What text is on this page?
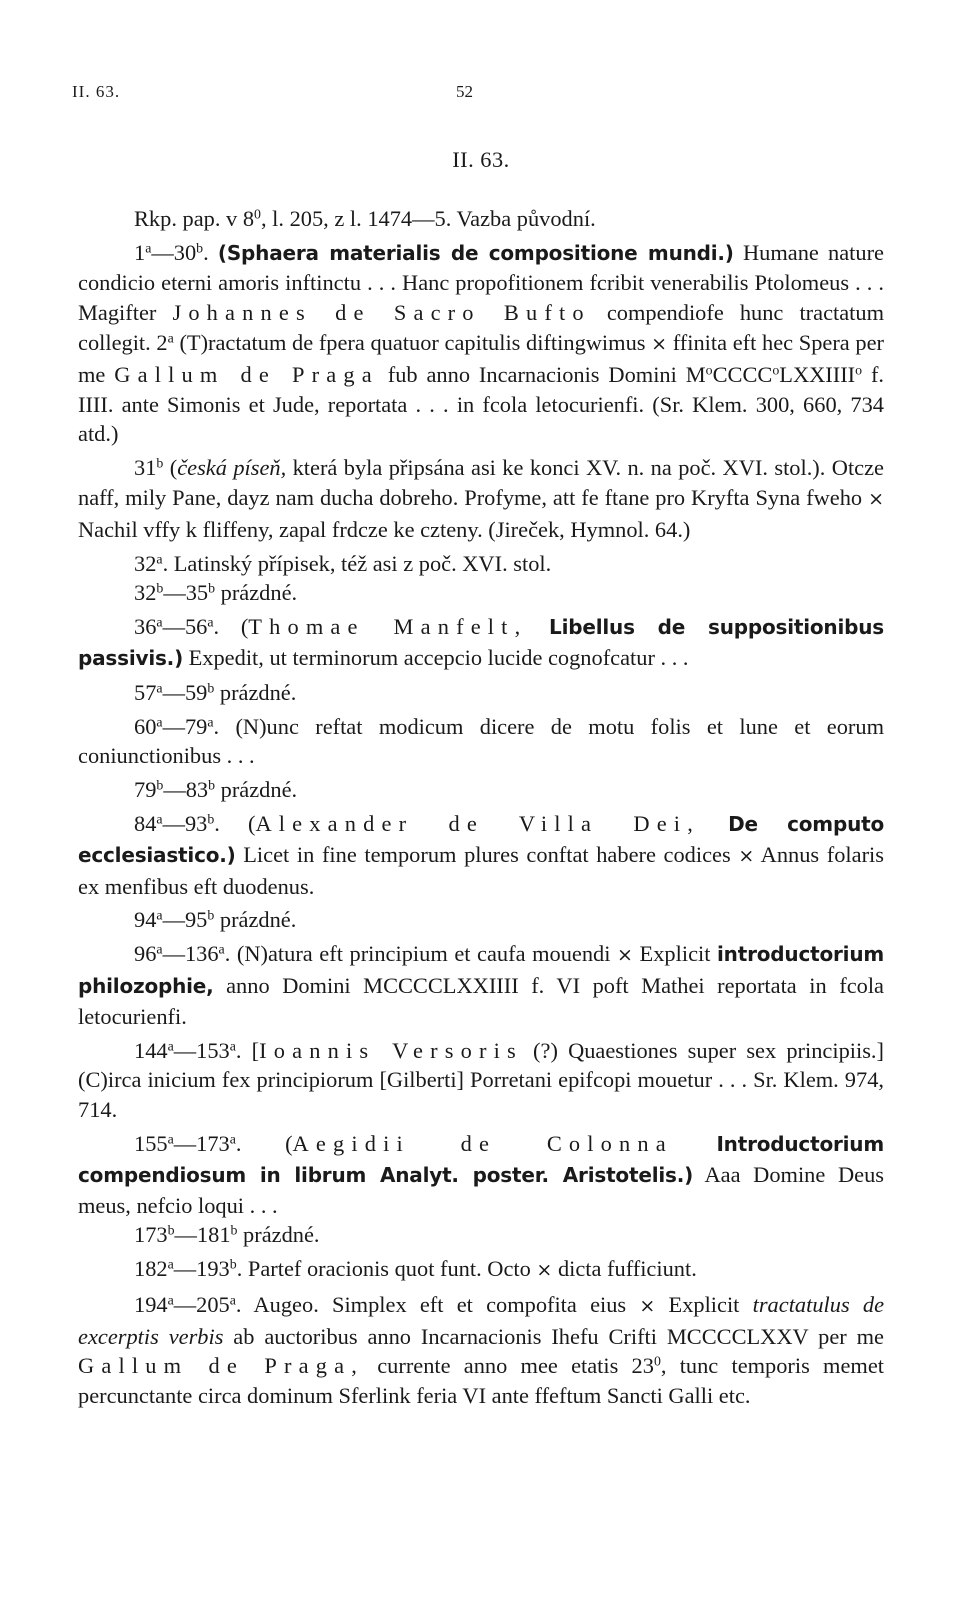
II. 63.	52
II. 63.

Rkp. pap. v $8^0$, l. 205, z l. 1474—5. Vazba původní.

1$^a$—30$^b$. (Sphaera materialis de compositione mundi.) Humane nature condicio eterni amoris inftinctu . . . Hanc propofitionem fcribit venerabilis Ptolomeus . . . Magifter Johannes de Sacro Bufto compendiofe hunc tractatum collegit. 2$^a$ (T)ractatum de fpera quatuor capitulis diftingwimus × ffinita eft hec Spera per me Gallum de Praga fub anno Incarnacionis Domini $M^oCCCC^oLXXIIII^o$ f. IIII. ante Simonis et Jude, reportata . . . in fcola letocurienfi. (Sr. Klem. 300, 660, 734 atd.)

31$^b$ (česká píseň, která byla připsána asi ke konci XV. n. na poč. XVI. stol.). Otcze naff, mily Pane, dayz nam ducha dobreho. Profyme, att fe ftane pro Kryfta Syna fweho × Nachil vffy k fliffeny, zapal frdcze ke czteny. (Jireček, Hymnol. 64.)

32$^a$. Latinský přípisek, též asi z poč. XVI. stol.

32$^b$—35$^b$ prázdné.

36$^a$—56$^a$. (Thomae Manfelt, Libellus de suppositionibus passivis.) Expedit, ut terminorum accepcio lucide cognofcatur . . .

57$^a$—59$^b$ prázdné.

60$^a$—79$^a$. (N)unc reftat modicum dicere de motu folis et lune et eorum coniunctionibus . . .

79$^b$—83$^b$ prázdné.

84$^a$—93$^b$. (Alexander de Villa Dei, De computo ecclesiastico.) Licet in fine temporum plures conftat habere codices × Annus folaris ex menfibus eft duodenus.

94$^a$—95$^b$ prázdné.

96$^a$—136$^a$. (N)atura eft principium et caufa mouendi × Explicit introductorium philozophie, anno Domini MCCCCLXXIIII f. VI poft Mathei reportata in fcola letocurienfi.

144$^a$—153$^a$. [Ioannis Versoris (?) Quaestiones super sex principiis.] (C)irca inicium fex principiorum [Gilberti] Porretani epifcopi mouetur . . . Sr. Klem. 974, 714.

155$^a$—173$^a$. (Aegidii de Colonna Introductorium compendiosum in librum Analyt. poster. Aristotelis.) Aaa Domine Deus meus, nefcio loqui . . .

173$^b$—181$^b$ prázdné.

182$^a$—193$^b$. Partef oracionis quot funt. Octo × dicta fufficiunt.

194$^a$—205$^a$. Augeo. Simplex eft et compofita eius × Explicit tractatulus de excerptis verbis ab auctoribus anno Incarnacionis Ihefu Crifti MCCCCLXXV per me Gallum de Praga, currente anno mee etatis $23^0$, tunc temporis memet percunctante circa dominum Sferlink feria VI ante ffeftum Sancti Galli etc.
